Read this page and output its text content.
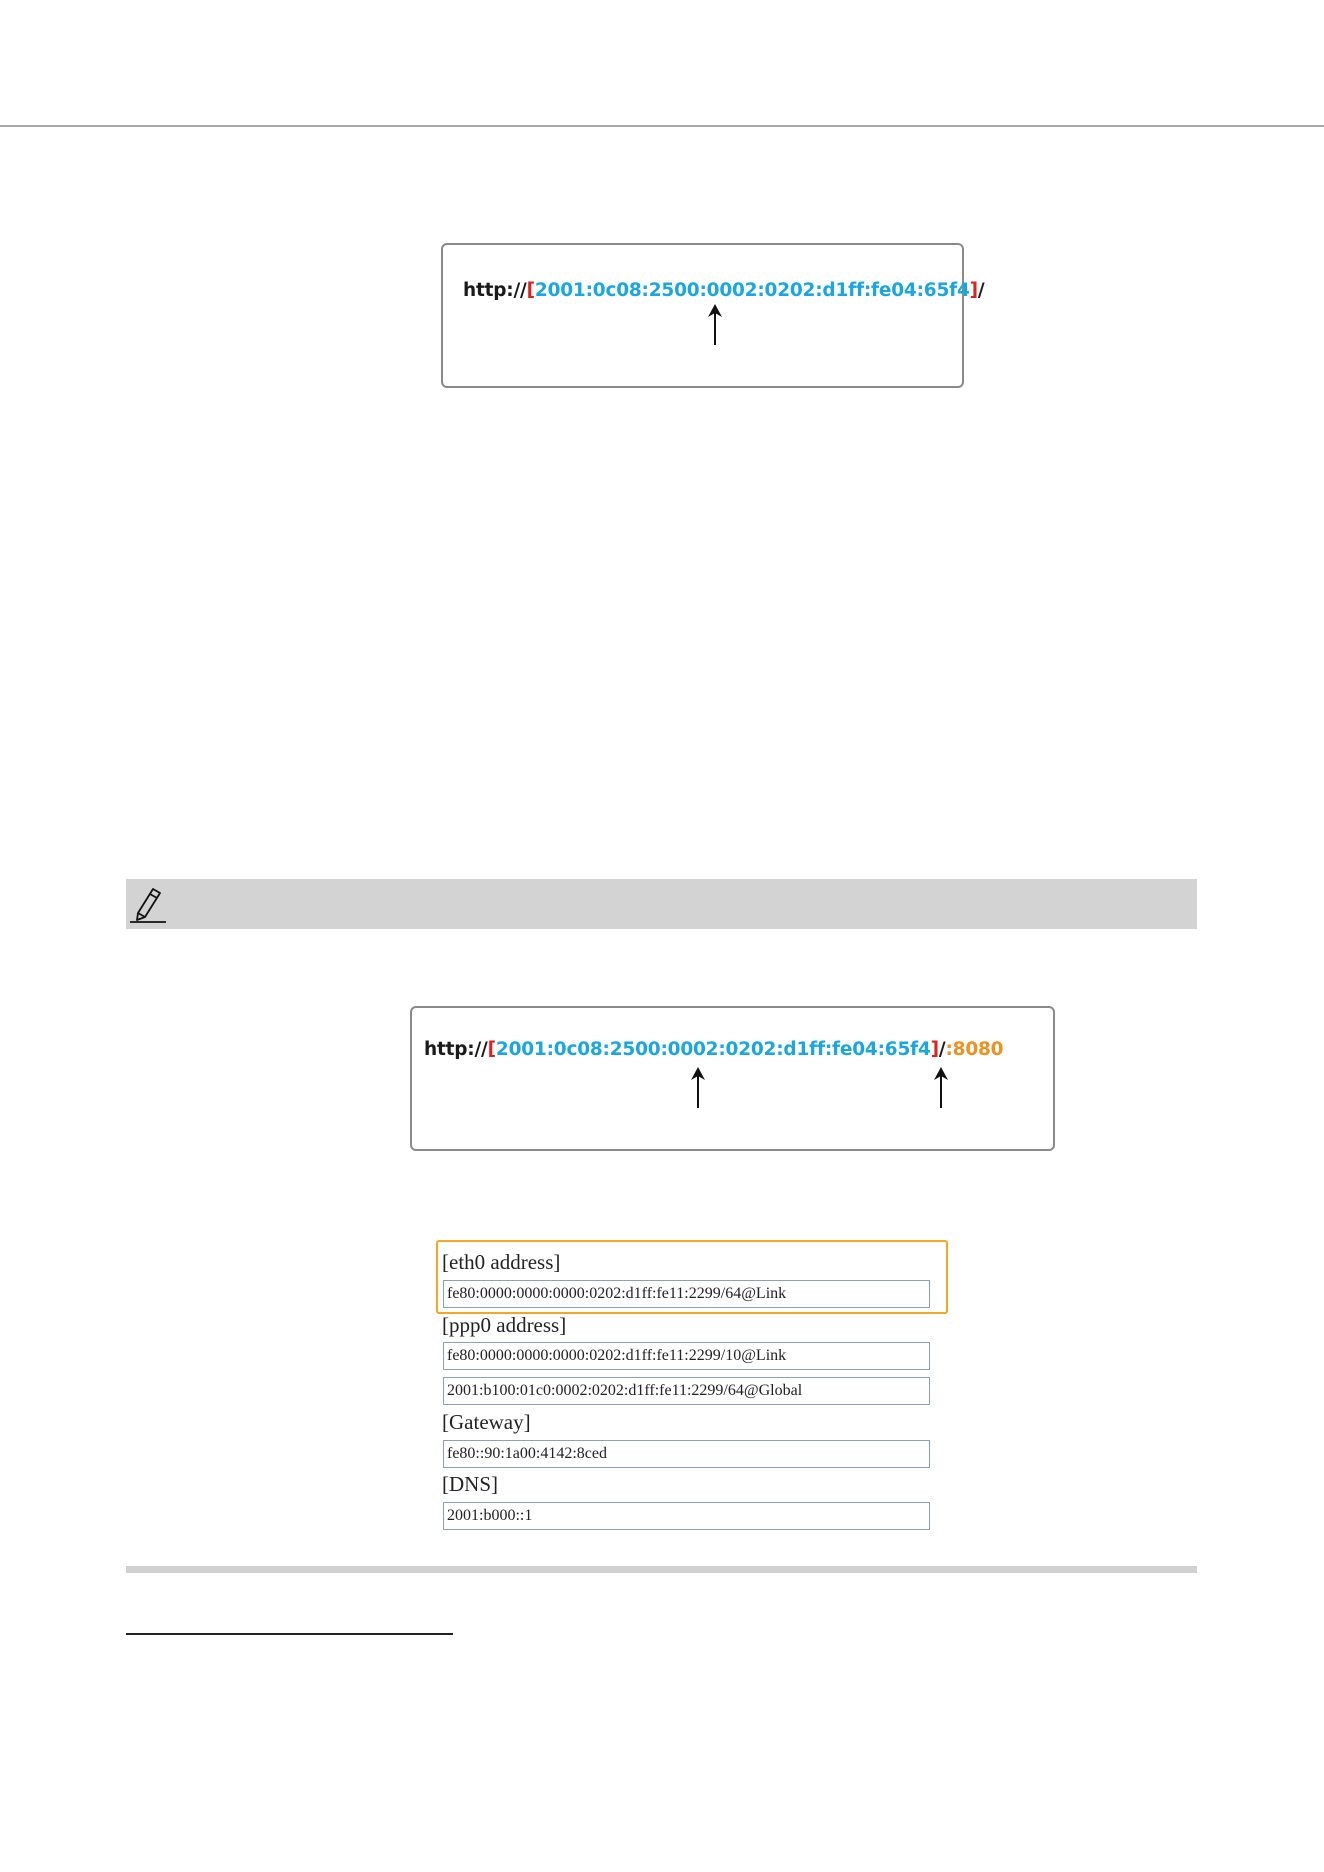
http://[2001:0c08:2500:0002:0202:d1ff:fe04:65f4]/
http://[2001:0c08:2500:0002:0202:d1ff:fe04:65f4]/:8080
[eth0 address]
fe80:0000:0000:0000:0202:d1ff:fe11:2299/64@Link
[ppp0 address]
fe80:0000:0000:0000:0202:d1ff:fe11:2299/10@Link
2001:b100:01c0:0002:0202:d1ff:fe11:2299/64@Global
[Gateway]
fe80::90:1a00:4142:8ced
[DNS]
2001:b000::1
